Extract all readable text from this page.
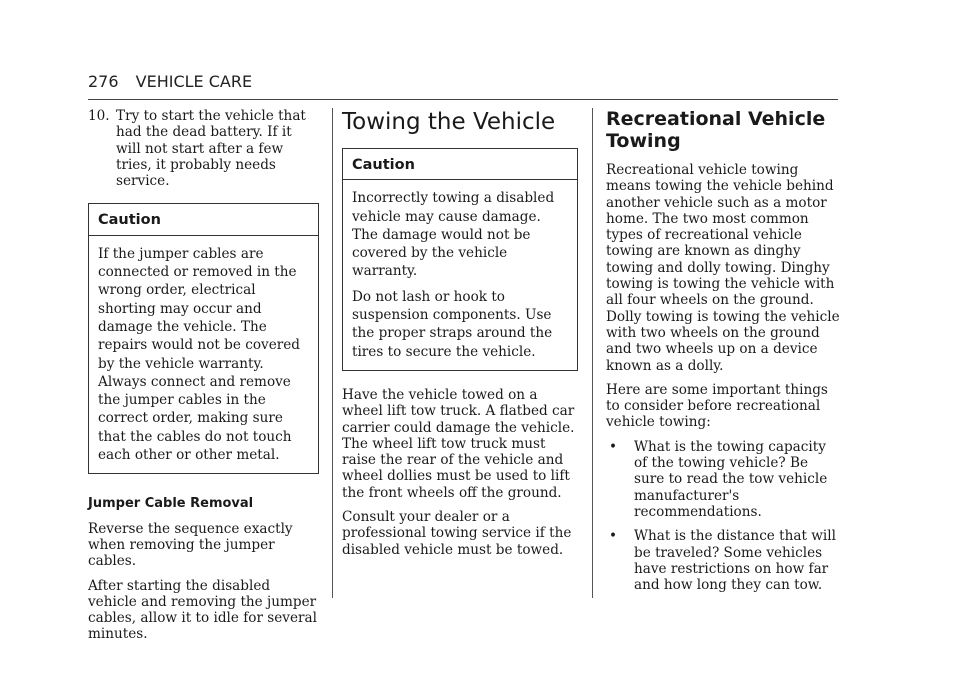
276 VEHICLE CARE
10. Try to start the vehicle that had the dead battery. If it will not start after a few tries, it probably needs service.
Caution

If the jumper cables are connected or removed in the wrong order, electrical shorting may occur and damage the vehicle. The repairs would not be covered by the vehicle warranty. Always connect and remove the jumper cables in the correct order, making sure that the cables do not touch each other or other metal.

Jumper Cable Removal

Reverse the sequence exactly when removing the jumper cables.

After starting the disabled vehicle and removing the jumper cables, allow it to idle for several minutes.

Towing the Vehicle
Caution

Incorrectly towing a disabled vehicle may cause damage. The damage would not be covered by the vehicle warranty.

Do not lash or hook to suspension components. Use the proper straps around the tires to secure the vehicle.

Have the vehicle towed on a wheel lift tow truck. A flatbed car carrier could damage the vehicle. The wheel lift tow truck must raise the rear of the vehicle and wheel dollies must be used to lift the front wheels off the ground.

Consult your dealer or a professional towing service if the disabled vehicle must be towed.

Recreational Vehicle Towing

Recreational vehicle towing means towing the vehicle behind another vehicle such as a motor home. The two most common types of recreational vehicle towing are known as dinghy towing and dolly towing. Dinghy towing is towing the vehicle with all four wheels on the ground. Dolly towing is towing the vehicle with two wheels on the ground and two wheels up on a device known as a dolly.

Here are some important things to consider before recreational vehicle towing:

•	What is the towing capacity of the towing vehicle? Be sure to read the tow vehicle manufacturer's recommendations.
•	What is the distance that will be traveled? Some vehicles have restrictions on how far and how long they can tow.
